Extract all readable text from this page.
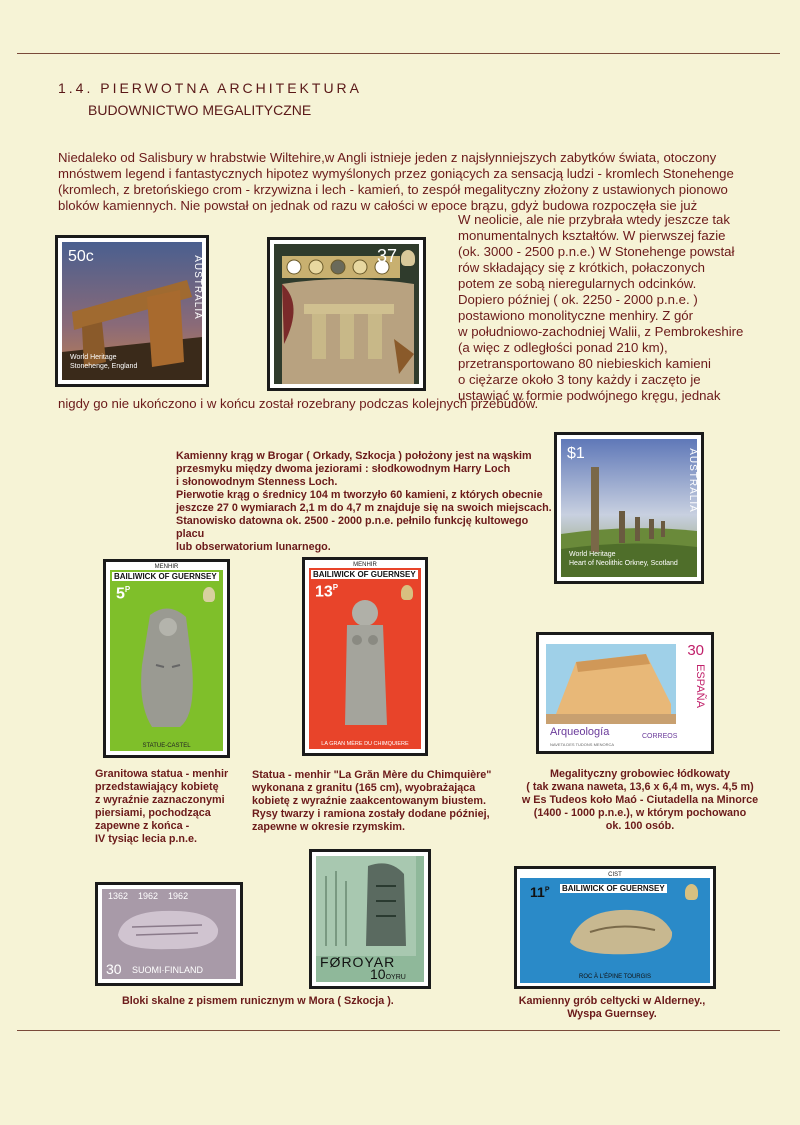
1.4. PIERWOTNA ARCHITEKTURA
BUDOWNICTWO MEGALITYCZNE
Niedaleko od Salisbury w hrabstwie Wiltehire,w Angli istnieje jeden z najsłynniejszych zabytków świata, otoczony
mnóstwem legend i fantastycznych hipotez wymyślonych przez goniących za sensacją ludzi - kromlech Stonehenge
(kromlech, z bretońskiego crom - krzywizna i lech - kamień, to zespół megalityczny złożony z ustawionych pionowo
bloków kamiennych. Nie powstał on jednak od razu w całości w epoce brązu, gdyż budowa rozpoczęła sie już
W neolicie, ale nie przybrała wtedy jeszcze tak
monumentalnych kształtów. W pierwszej fazie
(ok. 3000 - 2500 p.n.e.) W Stonehenge powstał
rów składający się z krótkich, połaczonych
potem ze sobą nieregularnych odcinków.
Dopiero później ( ok. 2250 - 2000 p.n.e. )
postawiono monolityczne menhiry. Z gór
w południowo-zachodniej Walii, z Pembrokeshire
(a więc z odległości ponad 210 km),
przetransportowano 80 niebieskich kamieni
o ciężarze około 3 tony każdy i zaczęto je
ustawiać w formie podwójnego kręgu, jednak
nigdy go nie ukończono i w końcu został rozebrany podczas kolejnych przebudów.
50c	AUSTRALIA
World Heritage
Stonehenge, England
37
Kamienny krąg w Brogar ( Orkady, Szkocja ) położony jest na wąskim
przesmyku między dwoma jeziorami : słodkowodnym Harry Loch
i słonowodnym Stenness Loch.
Pierwotie krąg o średnicy 104 m tworzyło 60 kamieni, z których obecnie
jeszcze 27 0 wymiarach 2,1 m do 4,7 m znajduje się na swoich miejscach.
Stanowisko datowna ok. 2500 - 2000 p.n.e. pełnilo funkcję kultowego placu
lub obserwatorium lunarnego.
$1	AUSTRALIA
World Heritage
Heart of Neolithic Orkney, Scotland
MENHIR
BAILIWICK OF GUERNSEY
$5^P$
STATUE-CASTEL
MENHIR
BAILIWICK OF GUERNSEY
$13^P$
LA GRAN MÈRE DU CHIMQUIERE
30
ESPAÑA
Arqueología	CORREOS
NAVETA DES TUDONS MENORCA
Granitowa statua - menhir
przedstawiający kobietę
z wyraźnie zaznaczonymi
piersiami, pochodząca
zapewne z końca -
IV tysiąc lecia p.n.e.
Statua - menhir "La Grăn Mère du Chimquière"
wykonana z granitu (165 cm), wyobrażająca
kobietę z wyraźnie zaakcentowanym biustem.
Rysy twarzy i ramiona zostały dodane później,
zapewne w okresie rzymskim.
Megalityczny grobowiec łódkowaty
( tak zwana naweta, 13,6 x 6,4 m, wys. 4,5 m)
w Es Tudeos koło Maó - Ciutadella na Minorce
(1400 - 1000 p.n.e.), w którym pochowano
ok. 100 osób.
1362    1962    1962
30 SUOMI·FINLAND	FØROYAR
10OYRU
CIST
$11^P$ BAILIWICK OF GUERNSEY
ROC À L'ÉPINE TOURGIS
Bloki skalne z pismem runicznym w Mora ( Szkocja ).	Kamienny grób celtycki w Alderney.,
Wyspa Guernsey.
